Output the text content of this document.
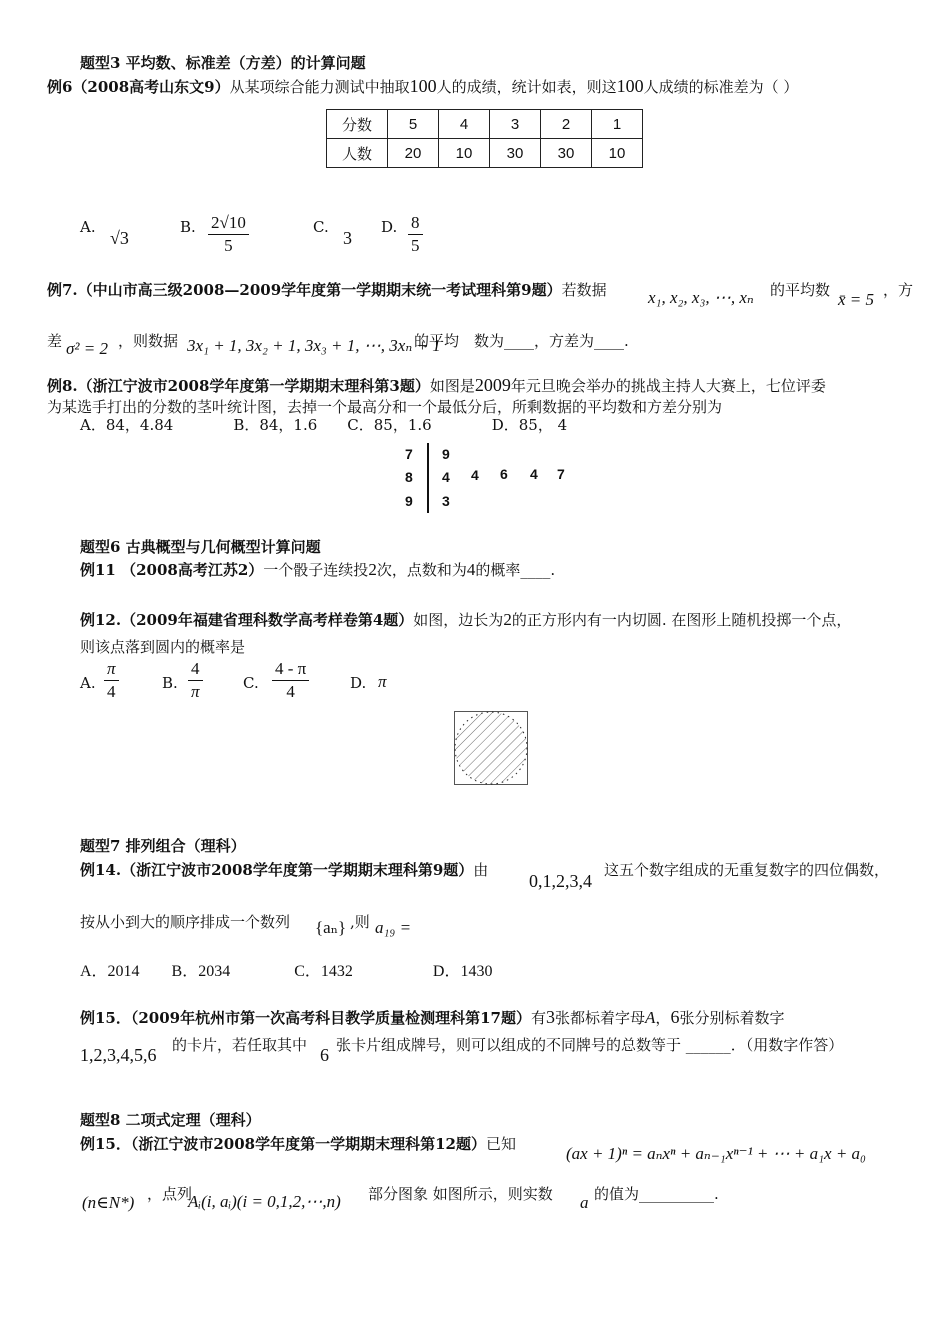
题型3 平均数、标准差（方差）的计算问题
例6（2008高考山东文9）从某项综合能力测试中抽取100人的成绩，统计如表，则这100人成绩的标准差为（ ）
分数	5	4	3	2	1
人数	20	10	30	30	10
A.
√3
B. $\frac{2√10}{5}$	C.
3
D. $\frac{8}{5}$
例7.（中山市高三级2008—2009学年度第一学期期末统一考试理科第9题）若数据 x₁, x₂, x₃, ⋯, xₙ 的平均数 x̄ = 5 ，方
差 σ² = 2 ，则数据 3x₁ + 1, 3x₂ + 1, 3x₃ + 1, ⋯, 3xₙ + 1
的平均　数为____，方差为____.
例8.（浙江宁波市2008学年度第一学期期末理科第3题）如图是2009年元旦晚会举办的挑战主持人大赛上，七位评委
为某选手打出的分数的茎叶统计图，去掉一个最高分和一个最低分后，所剩数据的平均数和方差分别为
A．84，4.84　　　　B．84，1.6　　C．85，1.6　　　　D．85， 4
7
8
9
9
4 4 6 4 7
3
题型6 古典概型与几何概型计算问题
例11 （2008高考江苏2）一个骰子连续投2次，点数和为4的概率____.
例12.（2009年福建省理科数学高考样卷第4题）如图，边长为2的正方形内有一内切圆. 在图形上随机投掷一个点，
则该点落到圆内的概率是
A. $\frac{\pi}{4}$	B. $\frac{4}{\pi}$	C. $\frac{4 - \pi}{4}$	D. π
题型7 排列组合（理科）
例14.（浙江宁波市2008学年度第一学期期末理科第9题）由
0,1,2,3,4
这五个数字组成的无重复数字的四位偶数，
按从小到大的顺序排成一个数列 {aₙ} ,则 a₁₉ =
A．2014　　B．2034　　　　C．1432　　　　　D．1430
例15．（2009年杭州市第一次高考科目教学质量检测理科第17题）有3张都标着字母A，6张分别标着数字
1,2,3,4,5,6 的卡片，若任取其中 6 张卡片组成牌号，则可以组成的不同牌号的总数等于 ______．（用数字作答）
题型8 二项式定理（理科）
例15．（浙江宁波市2008学年度第一学期期末理科第12题）已知	(ax + 1)ⁿ = aₙxⁿ + aₙ₋₁xⁿ⁻¹ + ⋯ + a₁x + a₀
(n∈N*) ，点列
Aᵢ(i, aᵢ)(i = 0,1,2,⋯,n) 部分图象 如图所示，则实数 a 的值为__________.
